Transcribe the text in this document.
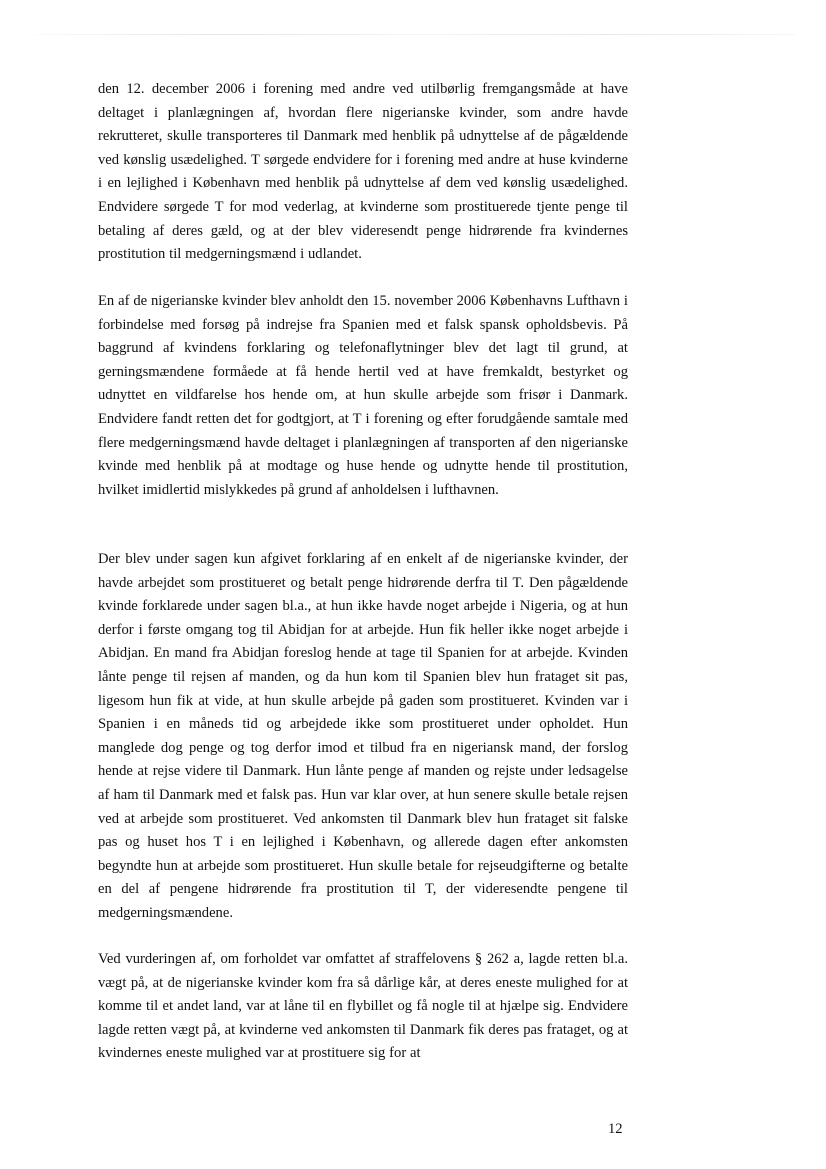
den 12. december 2006 i forening med andre ved utilbørlig fremgangsmåde at have deltaget i planlægningen af, hvordan flere nigerianske kvinder, som andre havde rekrutteret, skulle transporteres til Danmark med henblik på udnyttelse af de pågældende ved kønslig usædelighed. T sørgede endvidere for i forening med andre at huse kvinderne i en lejlighed i København med henblik på udnyttelse af dem ved kønslig usædelighed. Endvidere sørgede T for mod vederlag, at kvinderne som prostituerede tjente penge til betaling af deres gæld, og at der blev videresendt penge hidrørende fra kvindernes prostitution til medgerningsmænd i udlandet.

En af de nigerianske kvinder blev anholdt den 15. november 2006 Københavns Lufthavn i forbindelse med forsøg på indrejse fra Spanien med et falsk spansk opholdsbevis. På baggrund af kvindens forklaring og telefonaflytninger blev det lagt til grund, at gerningsmændene formåede at få hende hertil ved at have fremkaldt, bestyrket og udnyttet en vildfarelse hos hende om, at hun skulle arbejde som frisør i Danmark. Endvidere fandt retten det for godtgjort, at T i forening og efter forudgående samtale med flere medgerningsmænd havde deltaget i planlægningen af transporten af den nigerianske kvinde med henblik på at modtage og huse hende og udnytte hende til prostitution, hvilket imidlertid mislykkedes på grund af anholdelsen i lufthavnen.

Der blev under sagen kun afgivet forklaring af en enkelt af de nigerianske kvinder, der havde arbejdet som prostitueret og betalt penge hidrørende derfra til T. Den pågældende kvinde forklarede under sagen bl.a., at hun ikke havde noget arbejde i Nigeria, og at hun derfor i første omgang tog til Abidjan for at arbejde. Hun fik heller ikke noget arbejde i Abidjan. En mand fra Abidjan foreslog hende at tage til Spanien for at arbejde. Kvinden lånte penge til rejsen af manden, og da hun kom til Spanien blev hun frataget sit pas, ligesom hun fik at vide, at hun skulle arbejde på gaden som prostitueret. Kvinden var i Spanien i en måneds tid og arbejdede ikke som prostitueret under opholdet. Hun manglede dog penge og tog derfor imod et tilbud fra en nigeriansk mand, der forslog hende at rejse videre til Danmark. Hun lånte penge af manden og rejste under ledsagelse af ham til Danmark med et falsk pas. Hun var klar over, at hun senere skulle betale rejsen ved at arbejde som prostitueret. Ved ankomsten til Danmark blev hun frataget sit falske pas og huset hos T i en lejlighed i København, og allerede dagen efter ankomsten begyndte hun at arbejde som prostitueret. Hun skulle betale for rejseudgifterne og betalte en del af pengene hidrørende fra prostitution til T, der videresendte pengene til medgerningsmændene.

Ved vurderingen af, om forholdet var omfattet af straffelovens § 262 a, lagde retten bl.a. vægt på, at de nigerianske kvinder kom fra så dårlige kår, at deres eneste mulighed for at komme til et andet land, var at låne til en flybillet og få nogle til at hjælpe sig. Endvidere lagde retten vægt på, at kvinderne ved ankomsten til Danmark fik deres pas frataget, og at kvindernes eneste mulighed var at prostituere sig for at

12
